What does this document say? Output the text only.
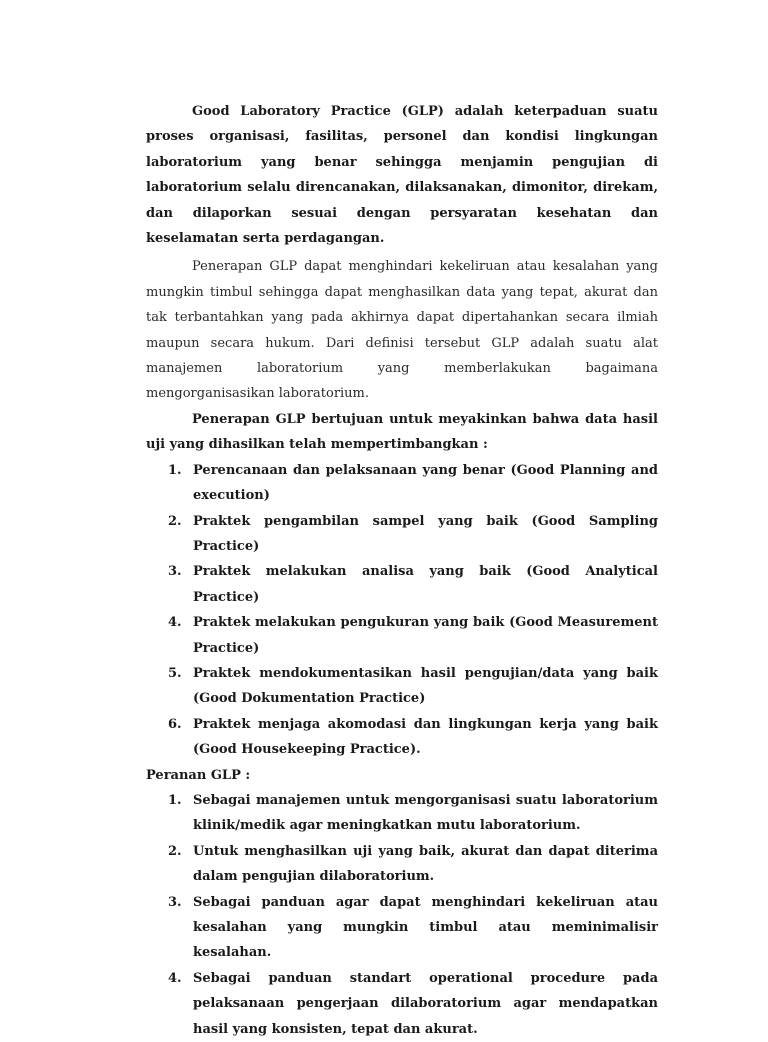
Good Laboratory Practice (GLP) adalah keterpaduan suatu proses organisasi, fasilitas, personel dan kondisi lingkungan laboratorium yang benar sehingga menjamin pengujian di laboratorium selalu direncanakan, dilaksanakan, dimonitor, direkam, dan dilaporkan sesuai dengan persyaratan kesehatan dan keselamatan serta perdagangan.

Penerapan GLP dapat menghindari kekeliruan atau kesalahan yang mungkin timbul sehingga dapat menghasilkan data yang tepat, akurat dan tak terbantahkan yang pada akhirnya dapat dipertahankan secara ilmiah maupun secara hukum. Dari definisi tersebut GLP adalah suatu alat manajemen laboratorium yang memberlakukan bagaimana mengorganisasikan laboratorium.

Penerapan GLP bertujuan untuk meyakinkan bahwa data hasil uji yang dihasilkan telah mempertimbangkan :

1. Perencanaan dan pelaksanaan yang benar (Good Planning and execution)
2. Praktek pengambilan sampel yang baik (Good Sampling Practice)
3. Praktek melakukan analisa yang baik (Good Analytical Practice)
4. Praktek melakukan pengukuran yang baik (Good Measurement Practice)
5. Praktek mendokumentasikan hasil pengujian/data yang baik (Good Dokumentation Practice)
6. Praktek menjaga akomodasi dan lingkungan kerja yang baik (Good Housekeeping Practice).

Peranan GLP :

1. Sebagai manajemen untuk mengorganisasi suatu laboratorium klinik/medik agar meningkatkan mutu laboratorium.
2. Untuk menghasilkan uji yang baik, akurat dan dapat diterima dalam pengujian dilaboratorium.
3. Sebagai panduan agar dapat menghindari kekeliruan atau kesalahan yang mungkin timbul atau meminimalisir kesalahan.
4. Sebagai panduan standart operational procedure pada pelaksanaan pengerjaan dilaboratorium agar mendapatkan hasil yang konsisten, tepat dan akurat.
